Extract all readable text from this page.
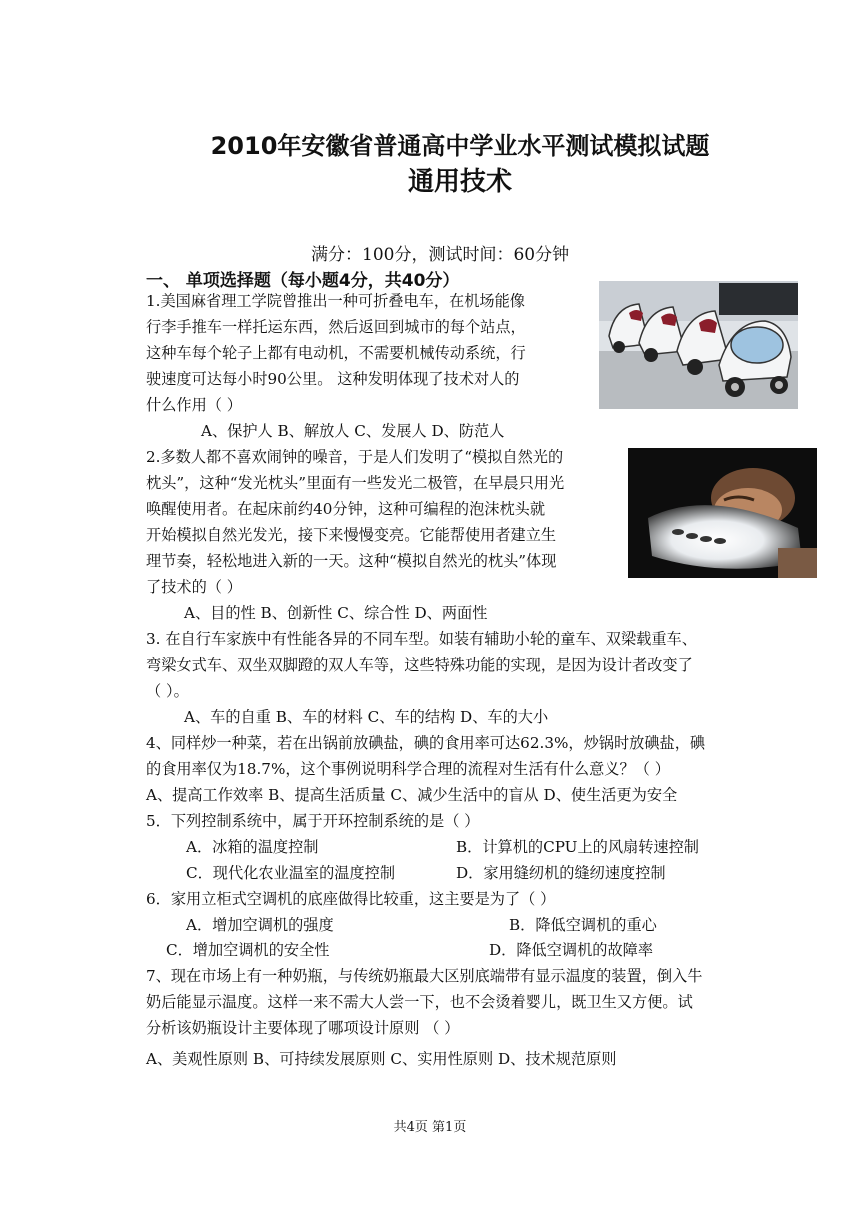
2010年安徽省普通高中学业水平测试模拟试题
通用技术
满分：100分，测试时间：60分钟
一、 单项选择题（每小题4分，共40分）
1.美国麻省理工学院曾推出一种可折叠电车，在机场能像
行李手推车一样托运东西，然后返回到城市的每个站点，
这种车每个轮子上都有电动机，不需要机械传动系统，行
驶速度可达每小时90公里。 这种发明体现了技术对人的
什么作用（ ）
A、保护人 B、解放人 C、发展人 D、防范人
2.多数人都不喜欢闹钟的噪音，于是人们发明了“模拟自然光的
枕头”，这种“发光枕头”里面有一些发光二极管，在早晨只用光
唤醒使用者。在起床前约40分钟，这种可编程的泡沫枕头就
开始模拟自然光发光，接下来慢慢变亮。它能帮使用者建立生
理节奏，轻松地进入新的一天。这种“模拟自然光的枕头”体现
了技术的（ ）
A、目的性 B、创新性 C、综合性 D、两面性
3. 在自行车家族中有性能各异的不同车型。如装有辅助小轮的童车、双梁载重车、
弯梁女式车、双坐双脚蹬的双人车等，这些特殊功能的实现，是因为设计者改变了
（ ）。
A、车的自重 B、车的材料 C、车的结构 D、车的大小
4、同样炒一种菜，若在出锅前放碘盐，碘的食用率可达62.3%，炒锅时放碘盐，碘
的食用率仅为18.7%，这个事例说明科学合理的流程对生活有什么意义？（ ）
A、提高工作效率 B、提高生活质量 C、减少生活中的盲从 D、使生活更为安全
5．下列控制系统中，属于开环控制系统的是（ ）
A．冰箱的温度控制	B．计算机的CPU上的风扇转速控制
C．现代化农业温室的温度控制	D．家用缝纫机的缝纫速度控制
6．家用立柜式空调机的底座做得比较重，这主要是为了（ ）
A．增加空调机的强度	B．降低空调机的重心
C．增加空调机的安全性	D．降低空调机的故障率
7、现在市场上有一种奶瓶，与传统奶瓶最大区别底端带有显示温度的装置，倒入牛
奶后能显示温度。这样一来不需大人尝一下，也不会烫着婴儿，既卫生又方便。试
分析该奶瓶设计主要体现了哪项设计原则 （ ）
A、美观性原则 B、可持续发展原则 C、实用性原则 D、技术规范原则
共4页 第1页
